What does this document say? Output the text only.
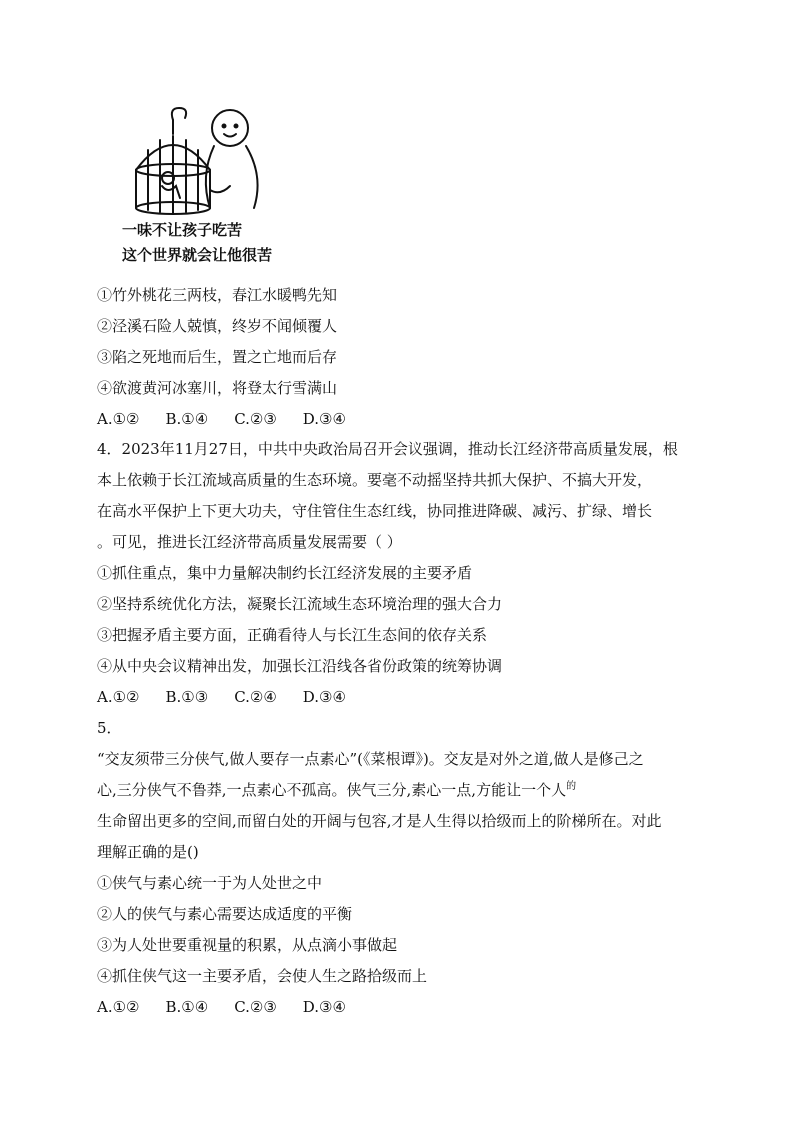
一味不让孩子吃苦
这个世界就会让他很苦
①竹外桃花三两枝，春江水暖鸭先知
②泾溪石险人兢慎，终岁不闻倾覆人
③陷之死地而后生，置之亡地而后存
④欲渡黄河冰塞川，将登太行雪满山
A.①② B.①④ C.②③ D.③④
4．2023年11月27日，中共中央政治局召开会议强调，推动长江经济带高质量发展，根
本上依赖于长江流域高质量的生态环境。要毫不动摇坚持共抓大保护、不搞大开发，
在高水平保护上下更大功夫，守住管住生态红线，协同推进降碳、减污、扩绿、增长
。可见，推进长江经济带高质量发展需要（ ）
①抓住重点，集中力量解决制约长江经济发展的主要矛盾
②坚持系统优化方法，凝聚长江流域生态环境治理的强大合力
③把握矛盾主要方面，正确看待人与长江生态间的依存关系
④从中央会议精神出发，加强长江沿线各省份政策的统筹协调
A.①② B.①③ C.②④ D.③④
5．
“交友须带三分侠气,做人要存一点素心”(《菜根谭》)。交友是对外之道,做人是修己之
心,三分侠气不鲁莽,一点素心不孤高。侠气三分,素心一点,方能让一个人$^的$
生命留出更多的空间,而留白处的开阔与包容,才是人生得以拾级而上的阶梯所在。对此
理解正确的是()
①侠气与素心统一于为人处世之中
②人的侠气与素心需要达成适度的平衡
③为人处世要重视量的积累，从点滴小事做起
④抓住侠气这一主要矛盾，会使人生之路拾级而上
A.①② B.①④ C.②③ D.③④
